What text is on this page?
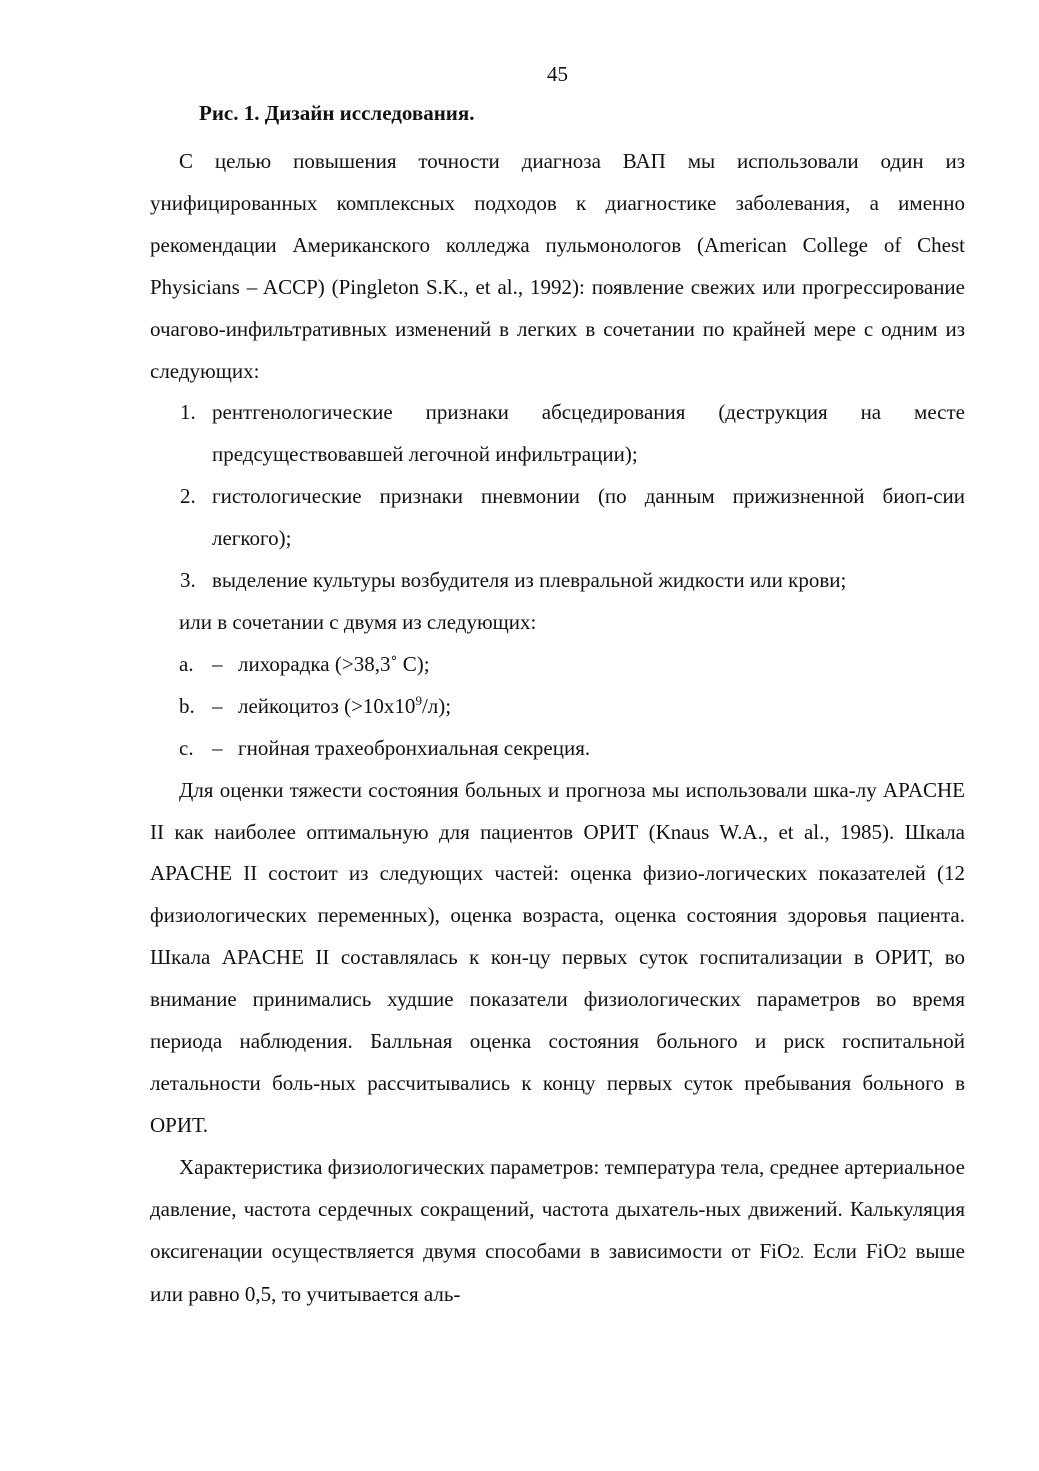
45
Рис. 1. Дизайн исследования.

С целью повышения точности диагноза ВАП мы использовали один из унифицированных комплексных подходов к диагностике заболевания, а именно рекомендации Американского колледжа пульмонологов (American College of Chest Physicians – ACCP) (Pingleton S.K., et al., 1992): появление свежих или прогрессирование очагово-инфильтративных изменений в легких в сочетании по крайней мере с одним из следующих:

1. рентгенологические признаки абсцедирования (деструкция на месте предсуществовавшей легочной инфильтрации);
2. гистологические признаки пневмонии (по данным прижизненной биоп-сии легкого);
3. выделение культуры возбудителя из плевральной жидкости или крови;
или в сочетании с двумя из следующих:
a. – лихорадка (>38,3˚ С);
b. – лейкоцитоз $(>10x10^9/л)$;
c. – гнойная трахеобронхиальная секреция.

Для оценки тяжести состояния больных и прогноза мы использовали шка-лу APACHE II как наиболее оптимальную для пациентов ОРИТ (Knaus W.A., et al., 1985). Шкала APACHE II состоит из следующих частей: оценка физио-логических показателей (12 физиологических переменных), оценка возраста, оценка состояния здоровья пациента. Шкала APACHE II составлялась к кон-цу первых суток госпитализации в ОРИТ, во внимание принимались худшие показатели физиологических параметров во время периода наблюдения. Балльная оценка состояния больного и риск госпитальной летальности боль-ных рассчитывались к концу первых суток пребывания больного в ОРИТ.

Характеристика физиологических параметров: температура тела, среднее артериальное давление, частота сердечных сокращений, частота дыхатель-ных движений. Калькуляция оксигенации осуществляется двумя способами в зависимости от FiO2. Если FiO2 выше или равно 0,5, то учитывается аль-
